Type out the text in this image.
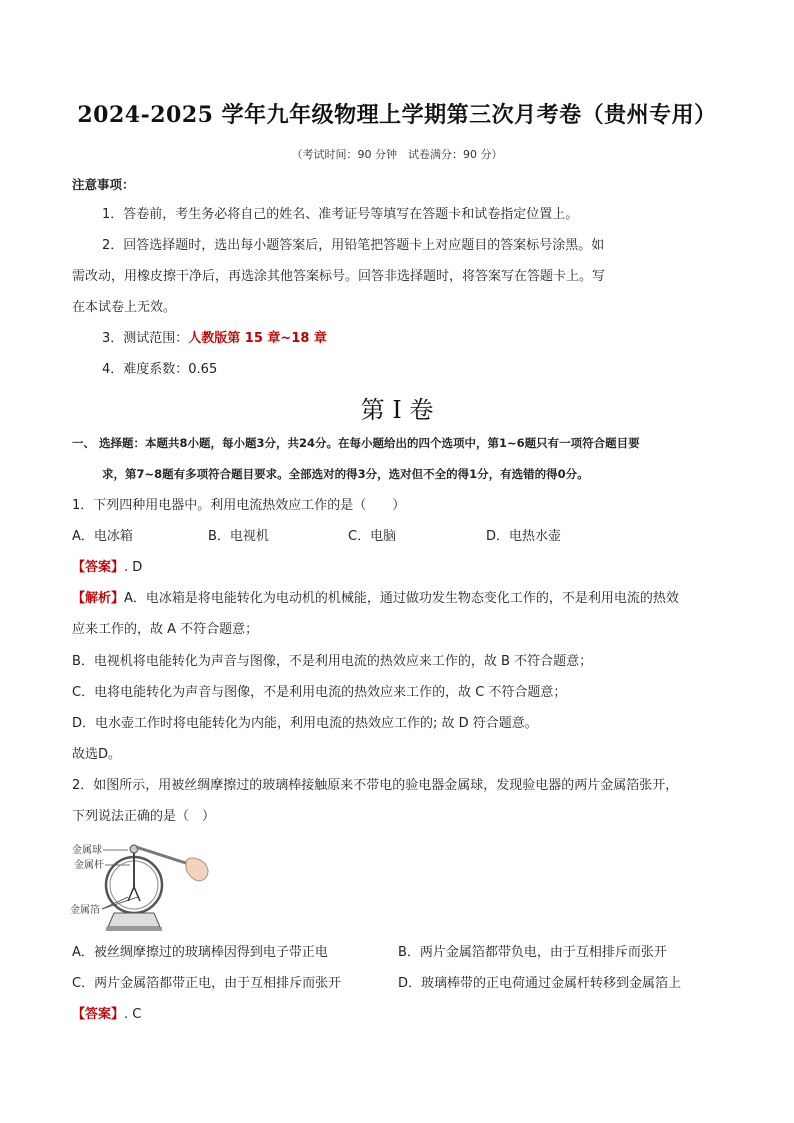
2024-2025 学年九年级物理上学期第三次月考卷（贵州专用）
（考试时间：90 分钟　试卷满分：90 分）
注意事项：
1．答卷前，考生务必将自己的姓名、准考证号等填写在答题卡和试卷指定位置上。
2．回答选择题时，选出每小题答案后，用铅笔把答题卡上对应题目的答案标号涂黑。如
需改动，用橡皮擦干净后，再选涂其他答案标号。回答非选择题时，将答案写在答题卡上。写
在本试卷上无效。
3．测试范围：人教版第 15 章~18 章
4．难度系数：0.65
第 I 卷
一、 选择题：本题共8小题，每小题3分，共24分。在每小题给出的四个选项中，第1~6题只有一项符合题目要
求，第7~8题有多项符合题目要求。全部选对的得3分，选对但不全的得1分，有选错的得0分。
1．下列四种用电器中。利用电流热效应工作的是（　　）
A．电冰箱	B．电视机	C．电脑	D．电热水壶
【答案】. D
【解析】A．电冰箱是将电能转化为电动机的机械能，通过做功发生物态变化工作的，不是利用电流的热效
应来工作的，故 A 不符合题意；
B．电视机将电能转化为声音与图像，不是利用电流的热效应来工作的，故 B 不符合题意；
C．电将电能转化为声音与图像，不是利用电流的热效应来工作的，故 C 不符合题意；
D．电水壶工作时将电能转化为内能，利用电流的热效应工作的; 故 D 符合题意。
故选D。
2．如图所示，用被丝绸摩擦过的玻璃棒接触原来不带电的验电器金属球，发现验电器的两片金属箔张开，
下列说法正确的是（　）
金属球
金属杆
金属箔
A．被丝绸摩擦过的玻璃棒因得到电子带正电	B．两片金属箔都带负电，由于互相排斥而张开
C．两片金属箔都带正电，由于互相排斥而张开	D．玻璃棒带的正电荷通过金属杆转移到金属箔上
【答案】. C
